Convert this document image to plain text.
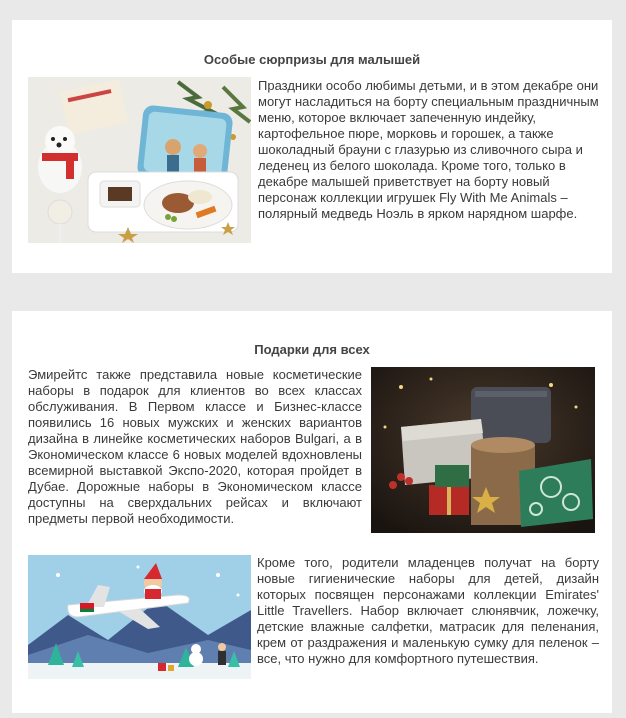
Особые сюрпризы для малышей
Праздники особо любимы детьми, и в этом декабре они могут насладиться на борту специальным праздничным меню, которое включает запеченную индейку, картофельное пюре, морковь и горошек, а также шоколадный брауни с глазурью из сливочного сыра и леденец из белого шоколада. Кроме того, только в декабре малышей приветствует на борту новый персонаж коллекции игрушек Fly With Me Animals – полярный медведь Ноэль в ярком нарядном шарфе.
Подарки для всех
Эмирейтс также представила новые косметические наборы в подарок для клиентов во всех классах обслуживания. В Первом классе и Бизнес-классе появились 16 новых мужских и женских вариантов дизайна в линейке косметических наборов Bulgari, а в Экономическом классе 6 новых моделей вдохновлены всемирной выставкой Экспо-2020, которая пройдет в Дубае. Дорожные наборы в Экономическом классе доступны на сверхдальних рейсах и включают предметы первой необходимости.
Кроме того, родители младенцев получат на борту новые гигиенические наборы для детей, дизайн которых посвящен персонажами коллекции Emirates' Little Travellers. Набор включает слюнявчик, ложечку, детские влажные салфетки, матрасик для пеленания, крем от раздражения и маленькую сумку для пеленок – все, что нужно для комфортного путешествия.
